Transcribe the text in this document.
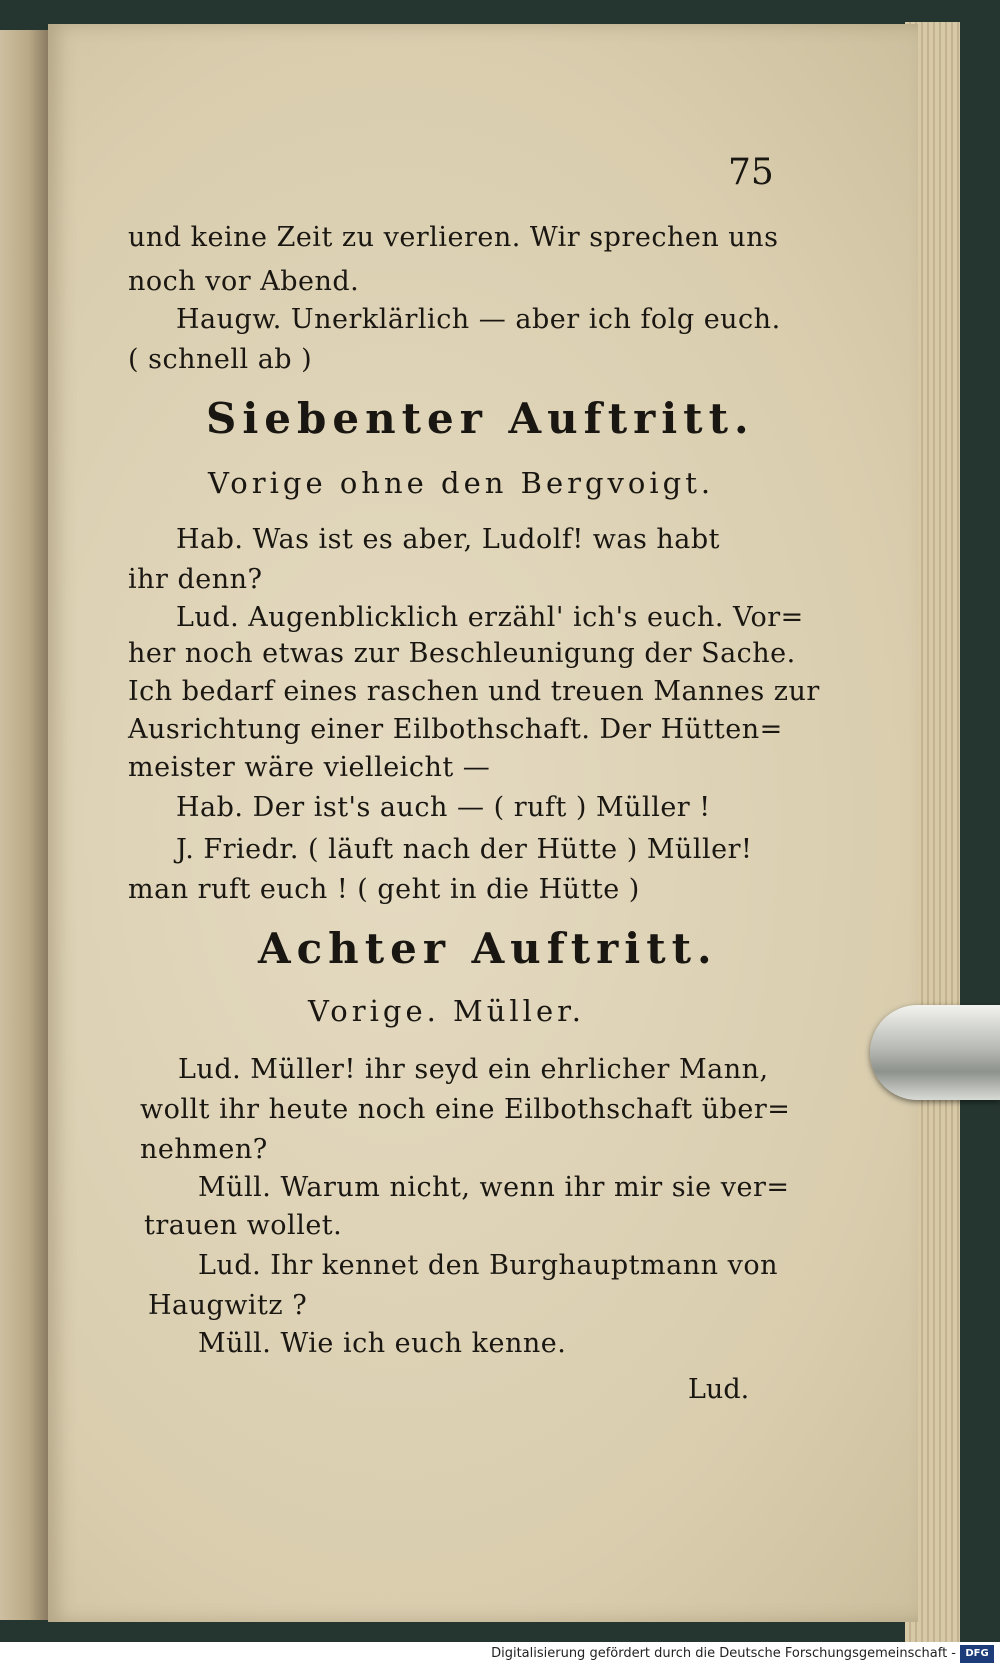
75
und keine Zeit zu verlieren. Wir sprechen uns
noch vor Abend.
Haugw. Unerklärlich — aber ich folg euch.
( schnell ab )
Siebenter Auftritt.
Vorige ohne den Bergvoigt.
Hab. Was ist es aber, Ludolf! was habt
ihr denn?
Lud. Augenblicklich erzähl' ich's euch. Vor=
her noch etwas zur Beschleunigung der Sache.
Ich bedarf eines raschen und treuen Mannes zur
Ausrichtung einer Eilbothschaft. Der Hütten=
meister wäre vielleicht —
Hab. Der ist's auch — ( ruft ) Müller !
J. Friedr. ( läuft nach der Hütte ) Müller!
man ruft euch ! ( geht in die Hütte )
Achter Auftritt.
Vorige. Müller.
Lud. Müller! ihr seyd ein ehrlicher Mann,
wollt ihr heute noch eine Eilbothschaft über=
nehmen?
Müll. Warum nicht, wenn ihr mir sie ver=
trauen wollet.
Lud. Ihr kennet den Burghauptmann von
Haugwitz ?
Müll. Wie ich euch kenne.
Lud.
Digitalisierung gefördert durch die Deutsche Forschungsgemeinschaft - DFG
